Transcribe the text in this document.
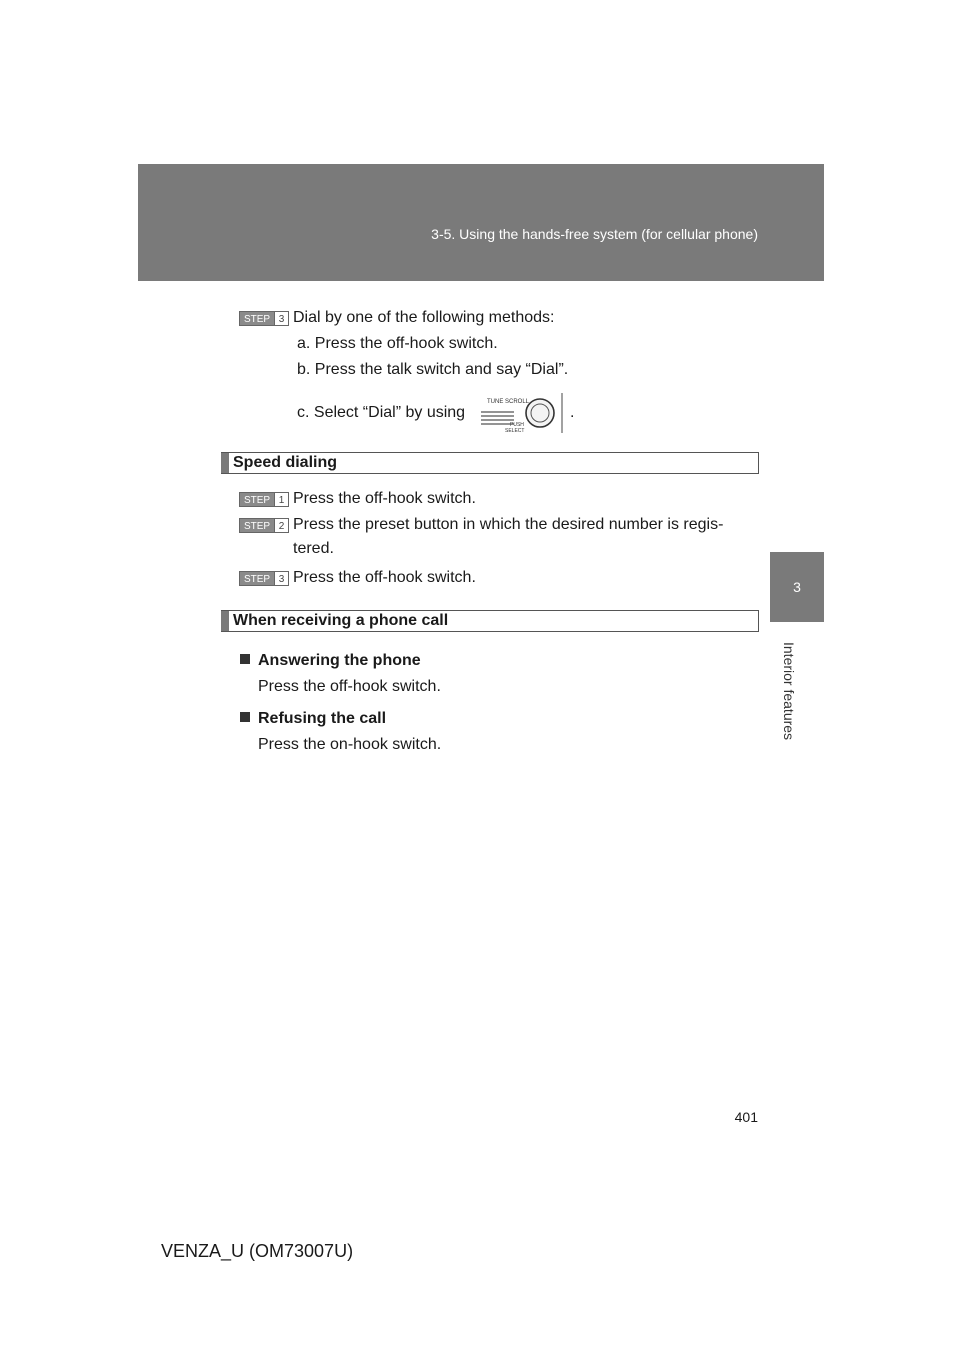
3-5. Using the hands-free system (for cellular phone)
3
Interior features
STEP 3 Dial by one of the following methods:
a. Press the off-hook switch.
b. Press the talk switch and say “Dial”.
c. Select “Dial” by using	.
TUNE SCROLL
PUSH
SELECT
Speed dialing
STEP 1 Press the off-hook switch.
STEP 2 Press the preset button in which the desired number is regis-
tered.
STEP 3 Press the off-hook switch.
When receiving a phone call
Answering the phone
Press the off-hook switch.
Refusing the call
Press the on-hook switch.
401
VENZA_U (OM73007U)
